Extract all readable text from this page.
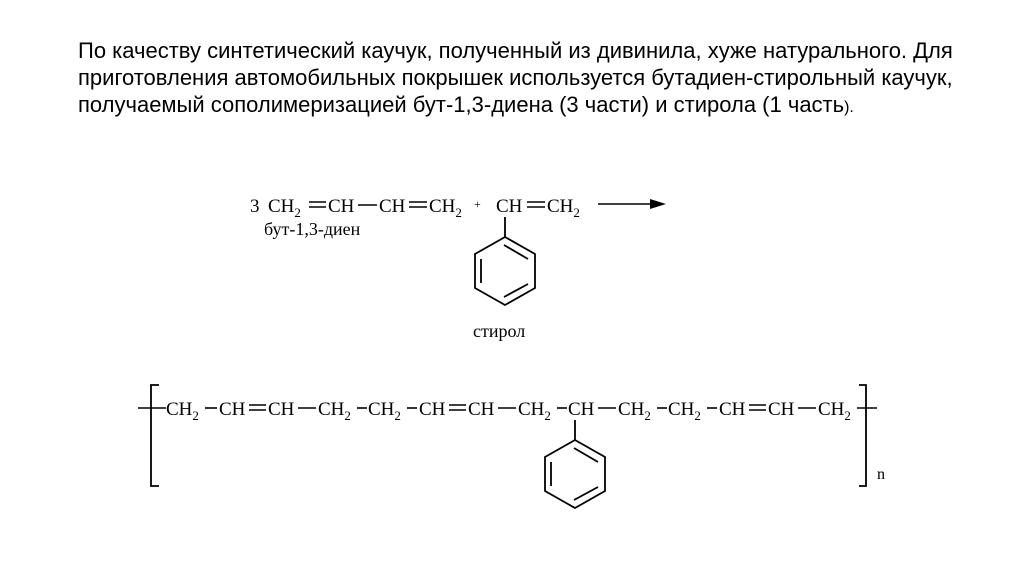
По качеству синтетический каучук, полученный из дивинила, хуже натурального. Для приготовления автомобильных покрышек используется бутадиен-стирольный каучук, получаемый сополимеризацией бут-1,3-диена (3 части) и стирола (1 часть).

3 $CH_2$ CH CH $CH_2$
+ CH $CH_2$
бут-1,3-диен
стирол
n
$CH_2$ CH CH $CH_2$ $CH_2$ CH CH $CH_2$ CH $CH_2$ $CH_2$ CH CH $CH_2$
